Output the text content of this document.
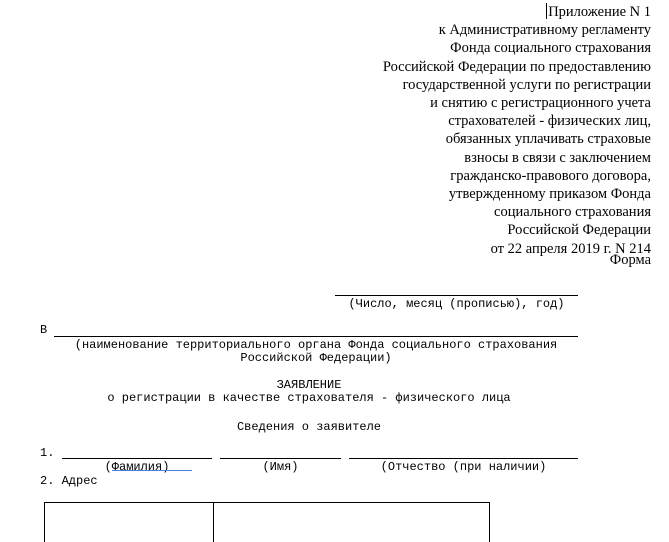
Приложение N 1
к Административному регламенту
Фонда социального страхования
Российской Федерации по предоставлению
государственной услуги по регистрации
и снятию с регистрационного учета
страхователей - физических лиц,
обязанных уплачивать страховые
взносы в связи с заключением
гражданско-правового договора,
утвержденному приказом Фонда
социального страхования
Российской Федерации
от 22 апреля 2019 г. N 214
Форма
(Число, месяц (прописью), год)
В
(наименование территориального органа Фонда социального страхования
Российской Федерации)
ЗАЯВЛЕНИЕ
о регистрации в качестве страхователя - физического лица
Сведения о заявителе
1.
(Фамилия)	(Имя)	(Отчество (при наличии)
2. Адрес
